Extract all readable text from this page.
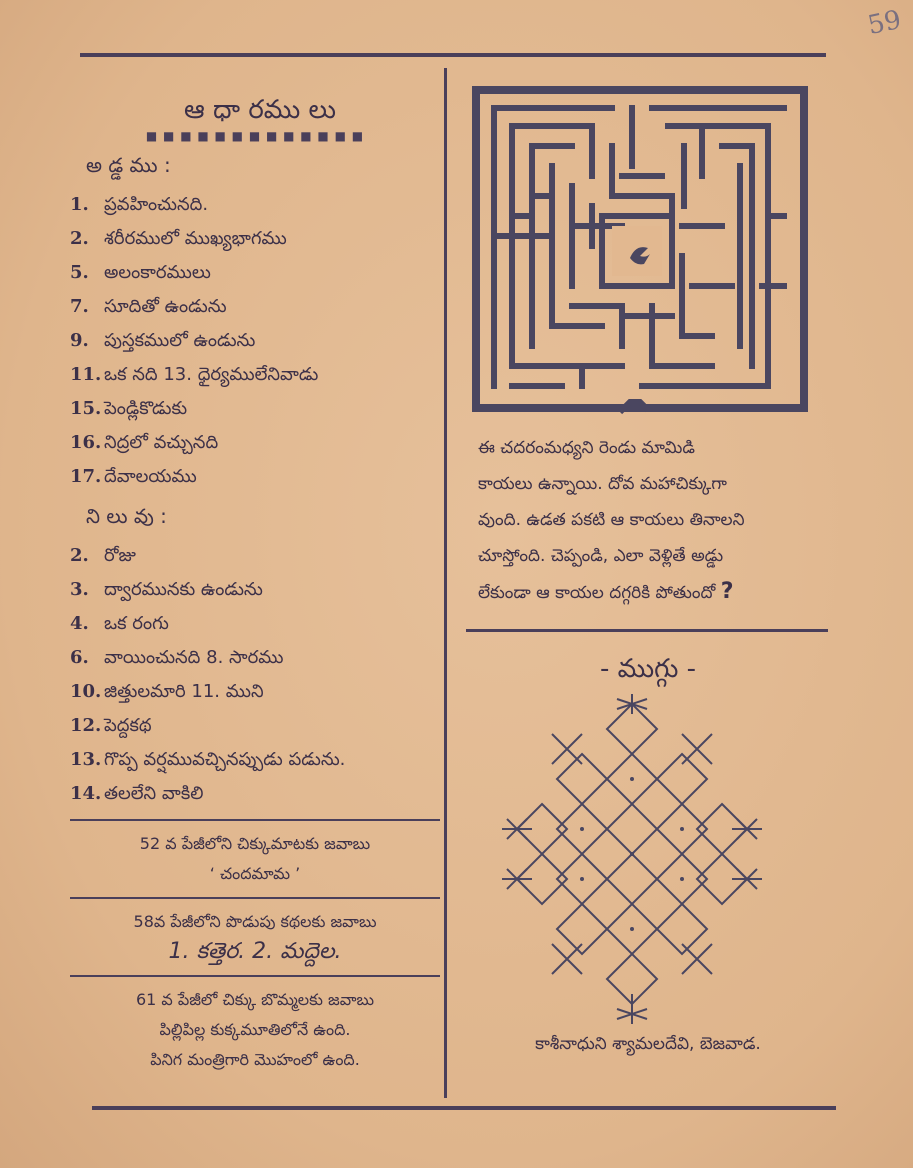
59
ఆ ధా రము లు
■ ■ ■ ■ ■ ■ ■ ■ ■ ■ ■ ■ ■
అ డ్డ ము :
1. ప్రవహించునది.
2. శరీరములో ముఖ్యభాగము
5. అలంకారములు
7. సూదితో ఉండును
9. పుస్తకములో ఉండును
11. ఒక నది 13. ధైర్యములేనివాడు
15. పెండ్లికొడుకు
16. నిద్రలో వచ్చునది
17. దేవాలయము
ని లు వు :
2. రోజు
3. ద్వారమునకు ఉండును
4. ఒక రంగు
6. వాయించునది 8. సారము
10. జిత్తులమారి 11. ముని
12. పెద్దకథ
13. గొప్ప వర్షమువచ్చినప్పుడు పడును.
14. తలలేని వాకిలి
52 వ పేజీలోని చిక్కుమాటకు జవాబు
‘ చందమామ ’
58వ పేజీలోని పొడుపు కథలకు జవాబు
1. కత్తెర. 2. మద్దెల.
61 వ పేజీలో చిక్కు బొమ్మలకు జవాబు
పిల్లిపిల్ల కుక్కమూతిలోనే ఉంది.
పినిగ మంత్రిగారి మొహంలో ఉంది.
ఈ చదరంమధ్యని రెండు మామిడి
కాయలు ఉన్నాయి. దోవ మహాచిక్కుగా
వుంది. ఉడత పకటి ఆ కాయలు తినాలని
చూస్తోంది. చెప్పండి, ఎలా వెళ్లితే అడ్డు
లేకుండా ఆ కాయల దగ్గరికి పోతుందో ?
- ముగ్గు -
కాశీనాధుని శ్యామలదేవి, బెజవాడ.
